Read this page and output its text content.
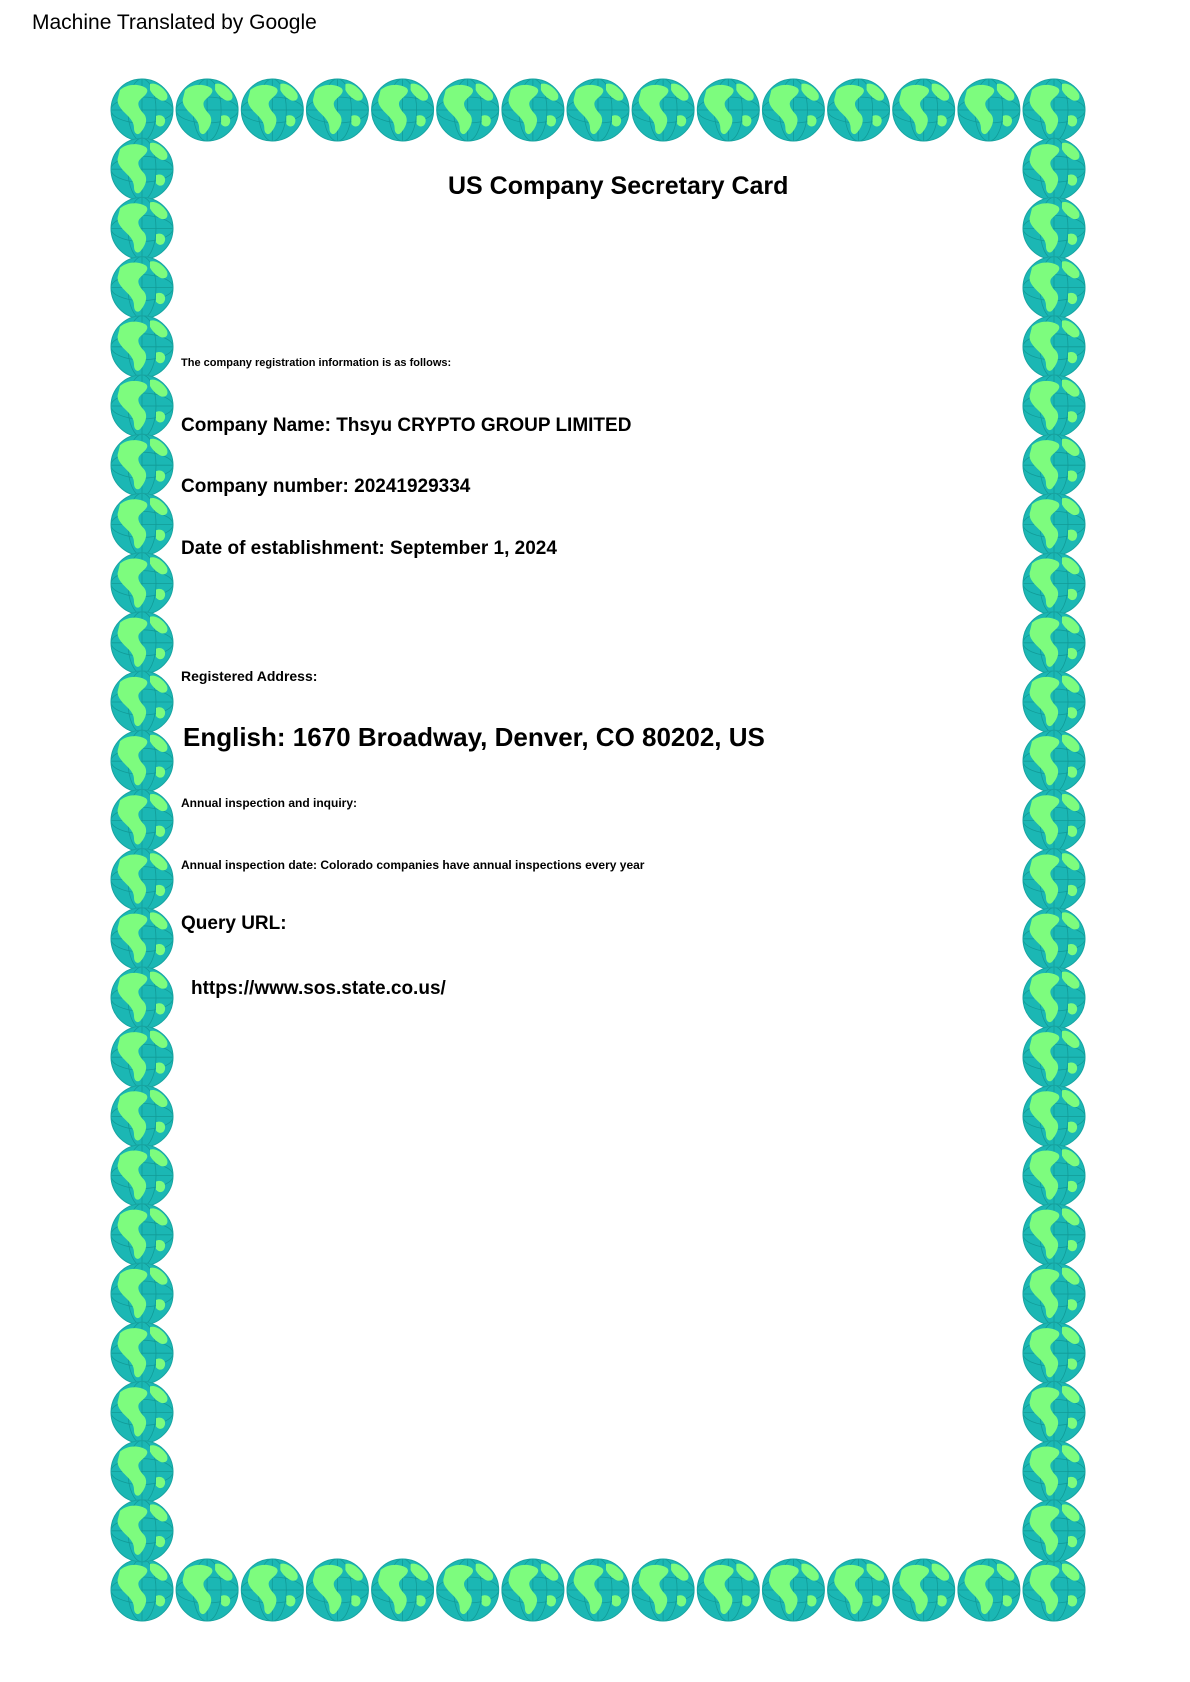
Machine Translated by Google
US Company Secretary Card
The company registration information is as follows:
Company Name: Thsyu CRYPTO GROUP LIMITED
Company number: 20241929334
Date of establishment: September 1, 2024
Registered Address:
English: 1670 Broadway, Denver, CO 80202, US
Annual inspection and inquiry:
Annual inspection date: Colorado companies have annual inspections every year
Query URL:
https://www.sos.state.co.us/
